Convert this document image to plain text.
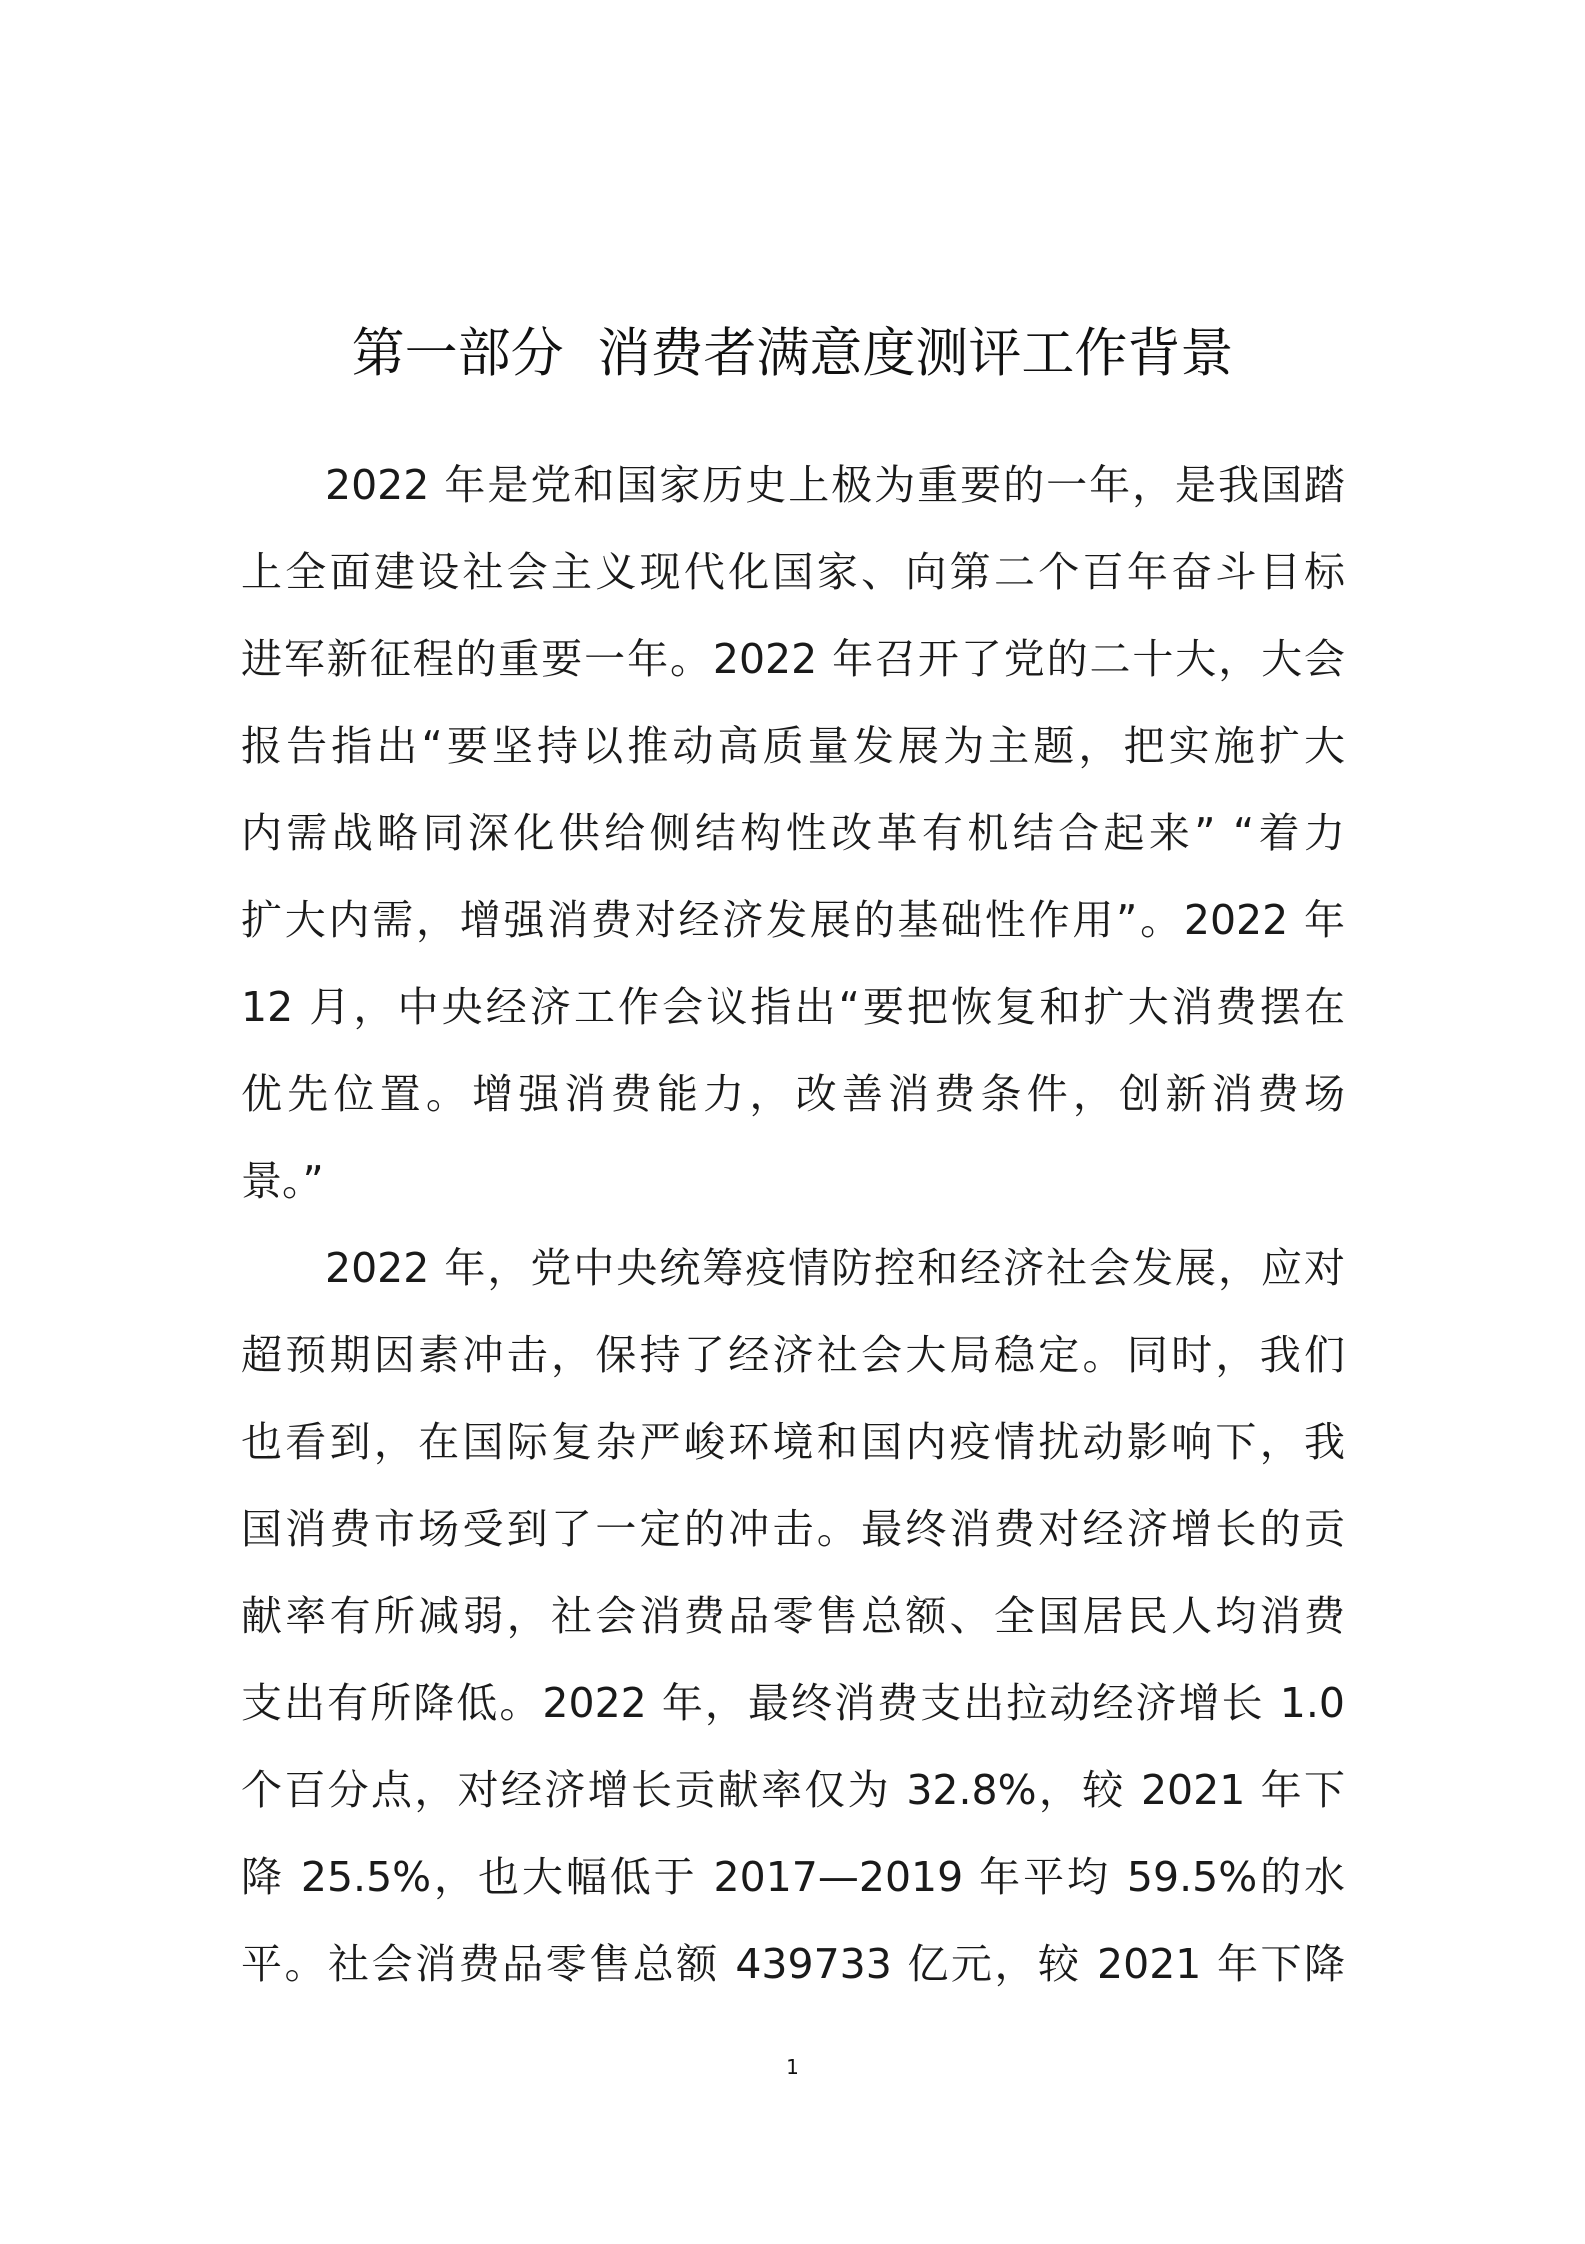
第一部分  消费者满意度测评工作背景
2022 年是党和国家历史上极为重要的一年，是我国踏
上全面建设社会主义现代化国家、向第二个百年奋斗目标
进军新征程的重要一年。2022 年召开了党的二十大，大会
报告指出“要坚持以推动高质量发展为主题，把实施扩大
内需战略同深化供给侧结构性改革有机结合起来” “着力
扩大内需，增强消费对经济发展的基础性作用”。2022 年
12 月，中央经济工作会议指出“要把恢复和扩大消费摆在
优先位置。增强消费能力，改善消费条件，创新消费场
景。”
2022 年，党中央统筹疫情防控和经济社会发展，应对
超预期因素冲击，保持了经济社会大局稳定。同时，我们
也看到，在国际复杂严峻环境和国内疫情扰动影响下，我
国消费市场受到了一定的冲击。最终消费对经济增长的贡
献率有所减弱，社会消费品零售总额、全国居民人均消费
支出有所降低。2022 年，最终消费支出拉动经济增长 1.0
个百分点，对经济增长贡献率仅为 32.8%，较 2021 年下
降 25.5%，也大幅低于 2017—2019 年平均 59.5%的水
平。社会消费品零售总额 439733 亿元，较 2021 年下降
1
